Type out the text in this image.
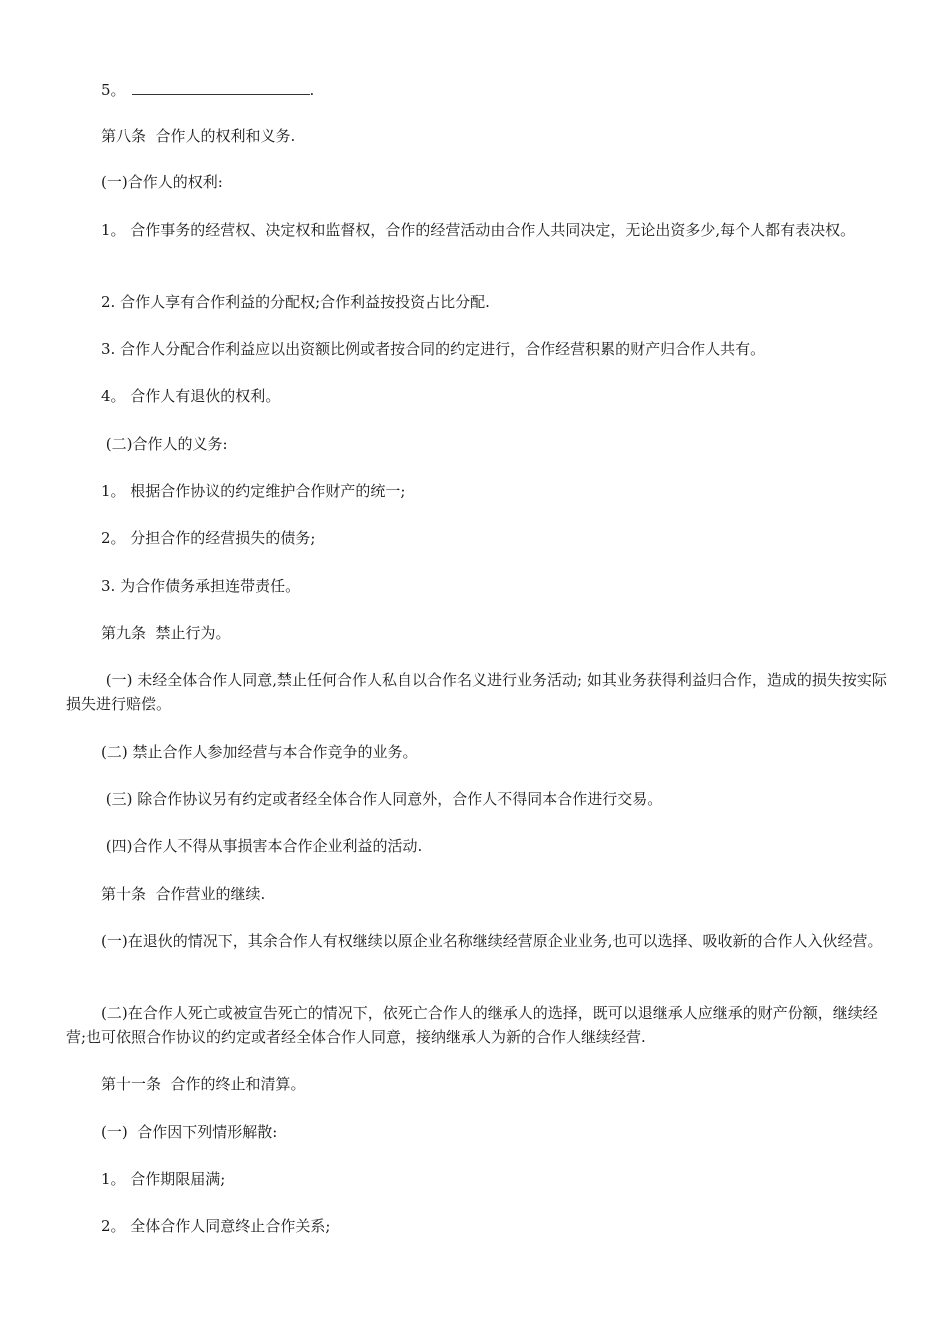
5。	.

第八条  合作人的权利和义务.

(一)合作人的权利:

1。 合作事务的经营权、决定权和监督权，合作的经营活动由合作人共同决定，无论出资多少,每个人都有表决权。

2. 合作人享有合作利益的分配权;合作利益按投资占比分配.

3. 合作人分配合作利益应以出资额比例或者按合同的约定进行，合作经营积累的财产归合作人共有。

4。 合作人有退伙的权利。

(二)合作人的义务:

1。 根据合作协议的约定维护合作财产的统一;

2。 分担合作的经营损失的债务;

3. 为合作债务承担连带责任。

第九条  禁止行为。

(一) 未经全体合作人同意,禁止任何合作人私自以合作名义进行业务活动; 如其业务获得利益归合作，造成的损失按实际损失进行赔偿。

(二) 禁止合作人参加经营与本合作竞争的业务。

(三) 除合作协议另有约定或者经全体合作人同意外，合作人不得同本合作进行交易。

(四)合作人不得从事损害本合作企业利益的活动.

第十条  合作营业的继续.

(一)在退伙的情况下，其余合作人有权继续以原企业名称继续经营原企业业务,也可以选择、吸收新的合作人入伙经营。

(二)在合作人死亡或被宣告死亡的情况下，依死亡合作人的继承人的选择，既可以退继承人应继承的财产份额，继续经营;也可依照合作协议的约定或者经全体合作人同意，接纳继承人为新的合作人继续经营.

第十一条  合作的终止和清算。

(一)  合作因下列情形解散:

1。 合作期限届满;

2。 全体合作人同意终止合作关系;
